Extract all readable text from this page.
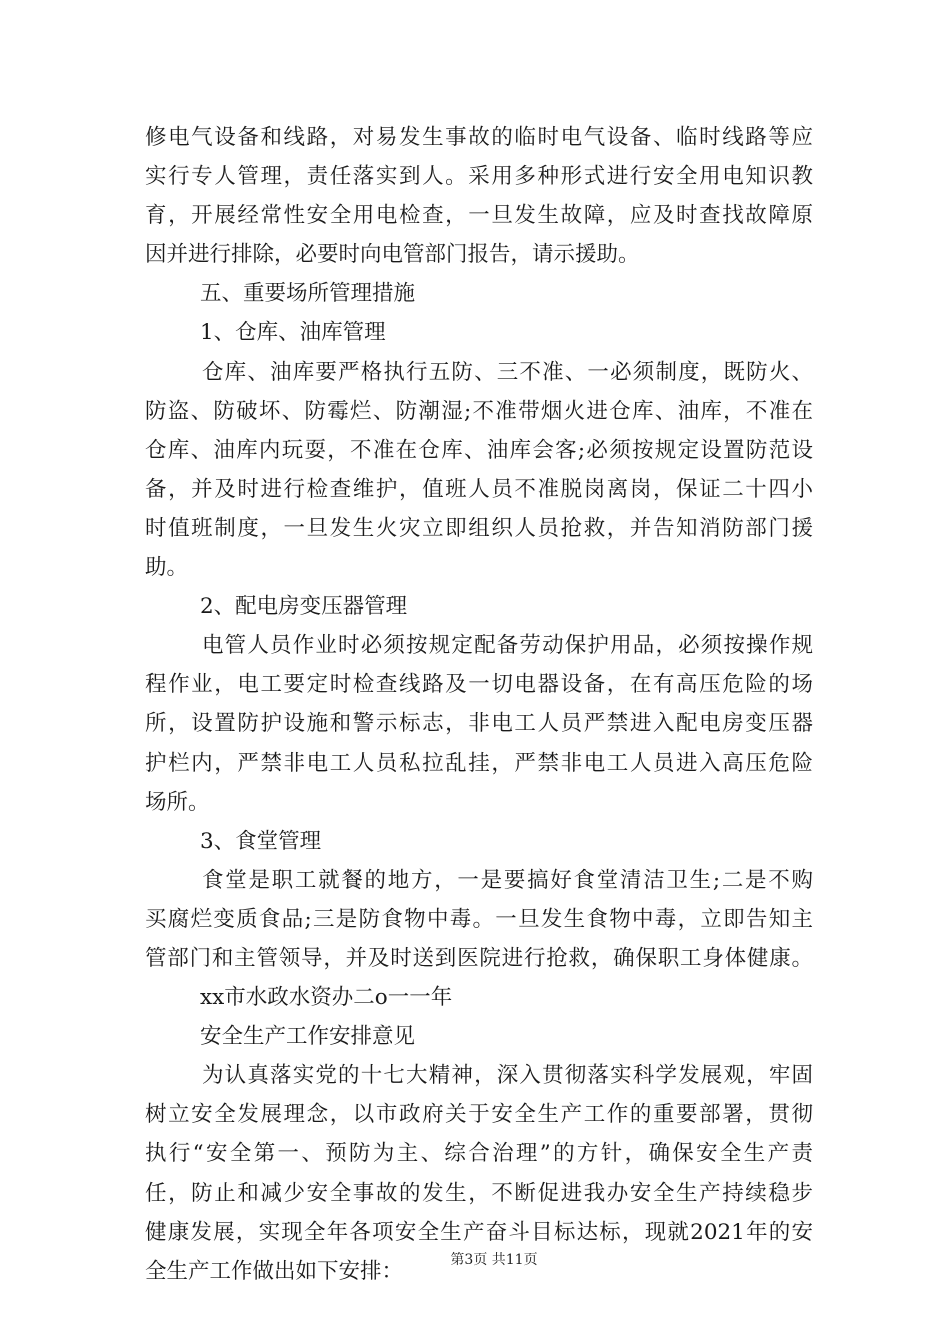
修电气设备和线路，对易发生事故的临时电气设备、临时线路等应
实行专人管理，责任落实到人。采用多种形式进行安全用电知识教
育，开展经常性安全用电检查，一旦发生故障，应及时查找故障原
因并进行排除，必要时向电管部门报告，请示援助。
五、重要场所管理措施
1、仓库、油库管理
仓库、油库要严格执行五防、三不准、一必须制度，既防火、
防盗、防破坏、防霉烂、防潮湿;不准带烟火进仓库、油库，不准在
仓库、油库内玩耍，不准在仓库、油库会客;必须按规定设置防范设
备，并及时进行检查维护，值班人员不准脱岗离岗，保证二十四小
时值班制度，一旦发生火灾立即组织人员抢救，并告知消防部门援
助。
2、配电房变压器管理
电管人员作业时必须按规定配备劳动保护用品，必须按操作规
程作业，电工要定时检查线路及一切电器设备，在有高压危险的场
所，设置防护设施和警示标志，非电工人员严禁进入配电房变压器
护栏内，严禁非电工人员私拉乱挂，严禁非电工人员进入高压危险
场所。
3、食堂管理
食堂是职工就餐的地方，一是要搞好食堂清洁卫生;二是不购
买腐烂变质食品;三是防食物中毒。一旦发生食物中毒，立即告知主
管部门和主管领导，并及时送到医院进行抢救，确保职工身体健康。
xx市水政水资办二o一一年
安全生产工作安排意见
为认真落实党的十七大精神，深入贯彻落实科学发展观，牢固
树立安全发展理念，以市政府关于安全生产工作的重要部署，贯彻
执行“安全第一、预防为主、综合治理”的方针，确保安全生产责
任，防止和减少安全事故的发生，不断促进我办安全生产持续稳步
健康发展，实现全年各项安全生产奋斗目标达标，现就2021年的安
全生产工作做出如下安排：	第3页 共11页
